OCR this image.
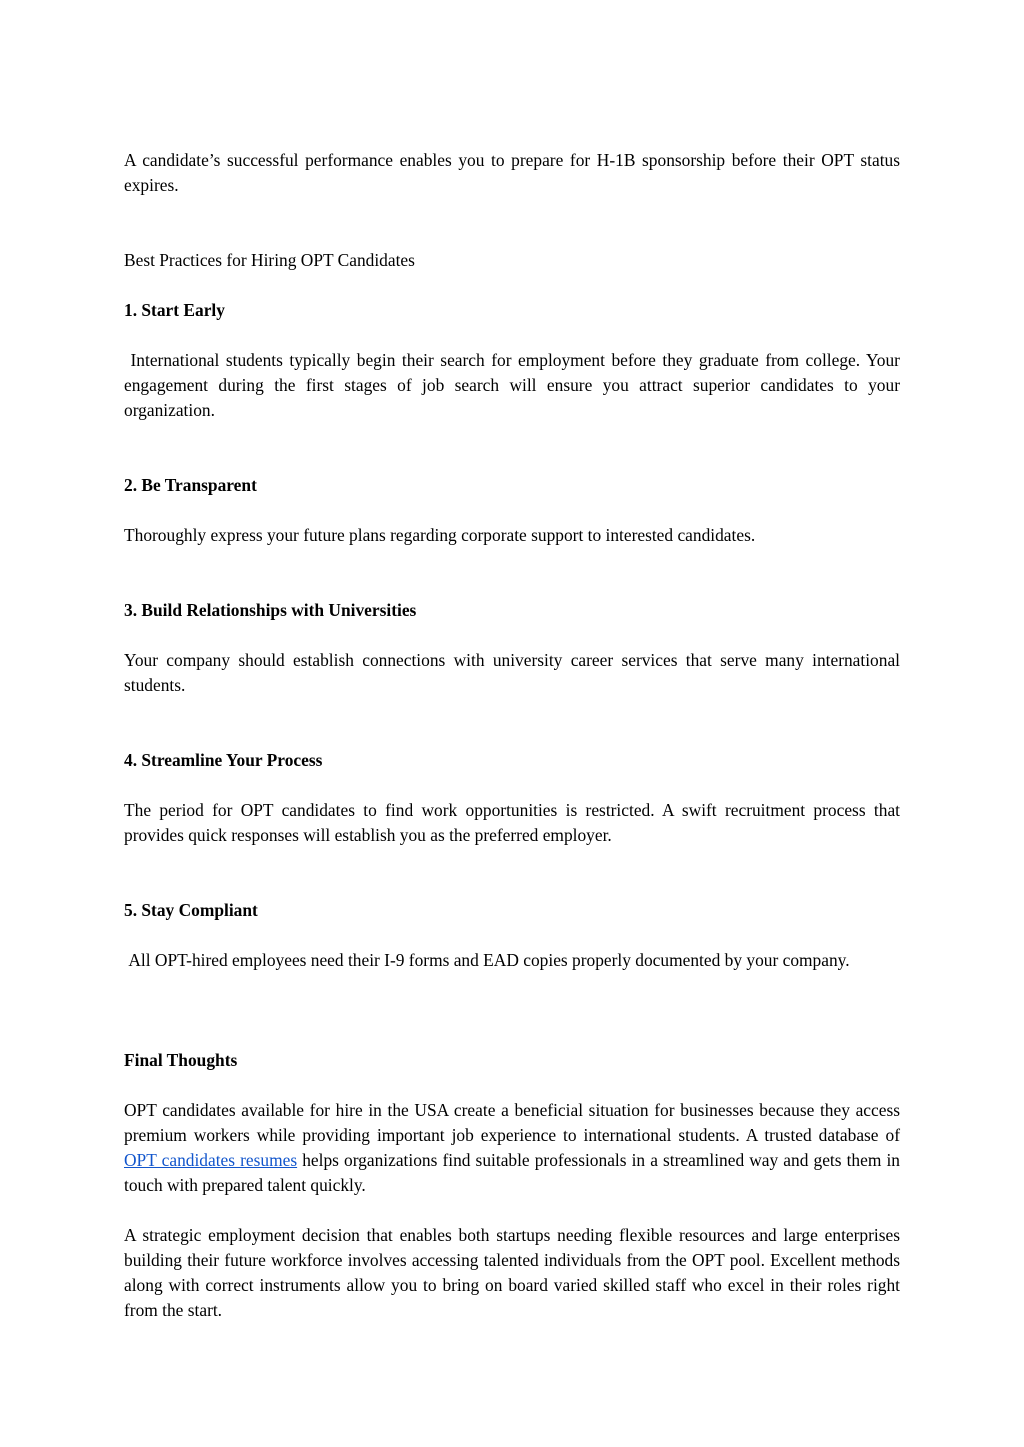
A candidate’s successful performance enables you to prepare for H-1B sponsorship before their OPT status expires.

Best Practices for Hiring OPT Candidates

1. Start Early

International students typically begin their search for employment before they graduate from college. Your engagement during the first stages of job search will ensure you attract superior candidates to your organization.

2. Be Transparent

Thoroughly express your future plans regarding corporate support to interested candidates.

3. Build Relationships with Universities

Your company should establish connections with university career services that serve many international students.

4. Streamline Your Process

The period for OPT candidates to find work opportunities is restricted. A swift recruitment process that provides quick responses will establish you as the preferred employer.

5. Stay Compliant

All OPT-hired employees need their I-9 forms and EAD copies properly documented by your company.

Final Thoughts

OPT candidates available for hire in the USA create a beneficial situation for businesses because they access premium workers while providing important job experience to international students. A trusted database of OPT candidates resumes helps organizations find suitable professionals in a streamlined way and gets them in touch with prepared talent quickly.

A strategic employment decision that enables both startups needing flexible resources and large enterprises building their future workforce involves accessing talented individuals from the OPT pool. Excellent methods along with correct instruments allow you to bring on board varied skilled staff who excel in their roles right from the start.
